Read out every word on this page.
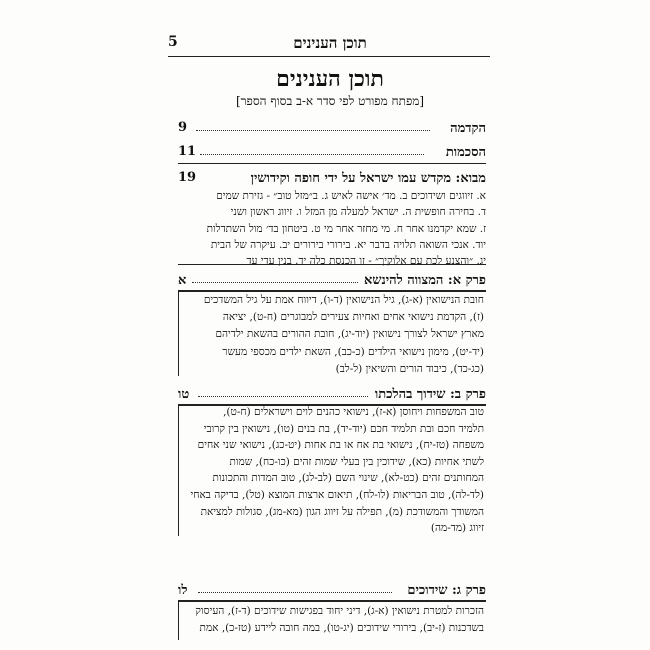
תוכן הענינים
5
תוכן הענינים
[מפתח מפורט לפי סדר א-ב בסוף הספר]
הקדמה
9
הסכמות
11
מבוא: מקדש עמו ישראל על ידי חופה וקידושין
19
א. זיווגים ושידוכים ב. מד׳ אישה לאיש ג. ב״מזל טוב״ - גזירת שמים
ד. בחירה חופשית ה. ישראל למעלה מן המזל ו. זיווג ראשון ושני
ז. שמא יקדמנו אחר ח. מי מחזר אחר מי ט. ביטחון בד׳ מול השתדלות
יוד. אנכי השואה תלויה בדבר יא. בירורי בירורים יב. עיקרה של הבית
יג. ״והצנע לכת עם אלוקיך״ - זו הכנסת כלה יד. בנין עדי עד
פרק א: המצווה להינשא
א
חובת הנישואין (א-ג), גיל הנישואין (ד-ו), דיווח אמת על גיל המשדכים
(ז), הקדמת נישואי אחים ואחיות צעירים למבוגרים (ח-ט), יציאה
מארץ ישראל לצורך נישואין (יוד-יג), חובת ההורים בהשאת ילדיהם
(יד-יט), מימון נישואי הילדים (כ-כב), השאת ילדים מכספי מעשר
(כג-כד), כיבוד הורים והשיאין (ל-לב)
פרק ב: שידוך בהלכתו
טו
טוב המשפחות ויחוסן (א-ז), נישואי כהנים לוים וישראלים (ח-ט),
תלמיד חכם ובת תלמיד חכם (יוד-יד), בת בנים (טו), נישואין בין קרובי
משפחה (טז-יח), נישואי בת אח או בת אחות (יט-כג), נישואי שני אחים
לשתי אחיות (כא), שידוכין בין בעלי שמות זהים (כו-כח), שמות
המחותנים זהים (כט-לא), שינוי השם (לב-לג), טוב המדות והתכונות
(לד-לה), טוב הבריאות (לו-לח), תיאום ארצות המוצא (טל), בדיקה באחי
המשודך והמשודכת (מ), תפילה על זיווג הגון (מא-מג), סגולות למציאת
זיווג (מד-מה)
פרק ג: שידוכים
לו
הזכרות למטרת נישואין (א-ג), דיני יחוד בפגישות שידוכים (ד-ז), העיסוק
בשדכנות (ז-יב), בירורי שידוכים (יג-טו), במה חובה ליידע (טז-כ), אמת
